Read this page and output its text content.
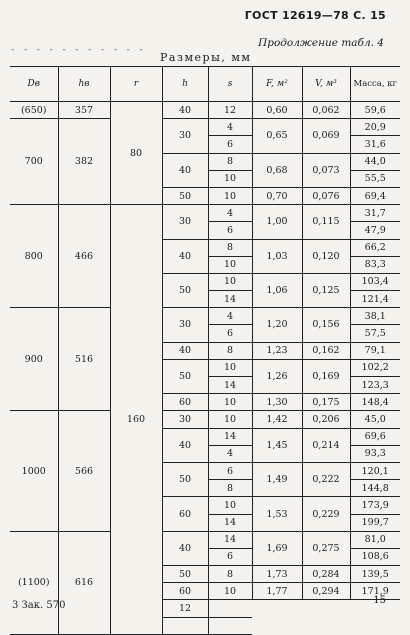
ГОСТ 12619—78 С. 15
- - - - - - - - - - -
Продолжение табл. 4
Размеры, мм
Dв	hв	r	h	s	F, м²	V, м³	Масса, кг
(650)	357	80	40	12	0,60	0,062	59,6
700	382		30	4	0,65	0,069	20,9
				6			31,6
			40	8	0,68	0,073	44,0
				10			55,5
			50	10	0,70	0,076	69,4
800	466	160	30	4	1,00	0,115	31,7
				6			47,9
			40	8	1,03	0,120	66,2
				10			83,3
			50	10	1,06	0,125	103,4
				14			121,4
900	516		30	4	1,20	0,156	38,1
				6			57,5
			40	8	1,23	0,162	79,1
			50	10	1,26	0,169	102,2
				14			123,3
			60	10	1,30	0,175	148,4
1000	566		30	10	1,42	0,206	45,0
			40	14	1,45	0,214	69,6
				4			93,3
			50	6	1,49	0,222	120,1
				8			144,8
			60	10	1,53	0,229	173,9
				14			199,7
(1100)	616		40	14	1,69	0,275	81,0
				6			108,6
			50	8	1,73	0,284	139,5
			60	10	1,77	0,294	171,9
			12				

3 Зак. 570	15
